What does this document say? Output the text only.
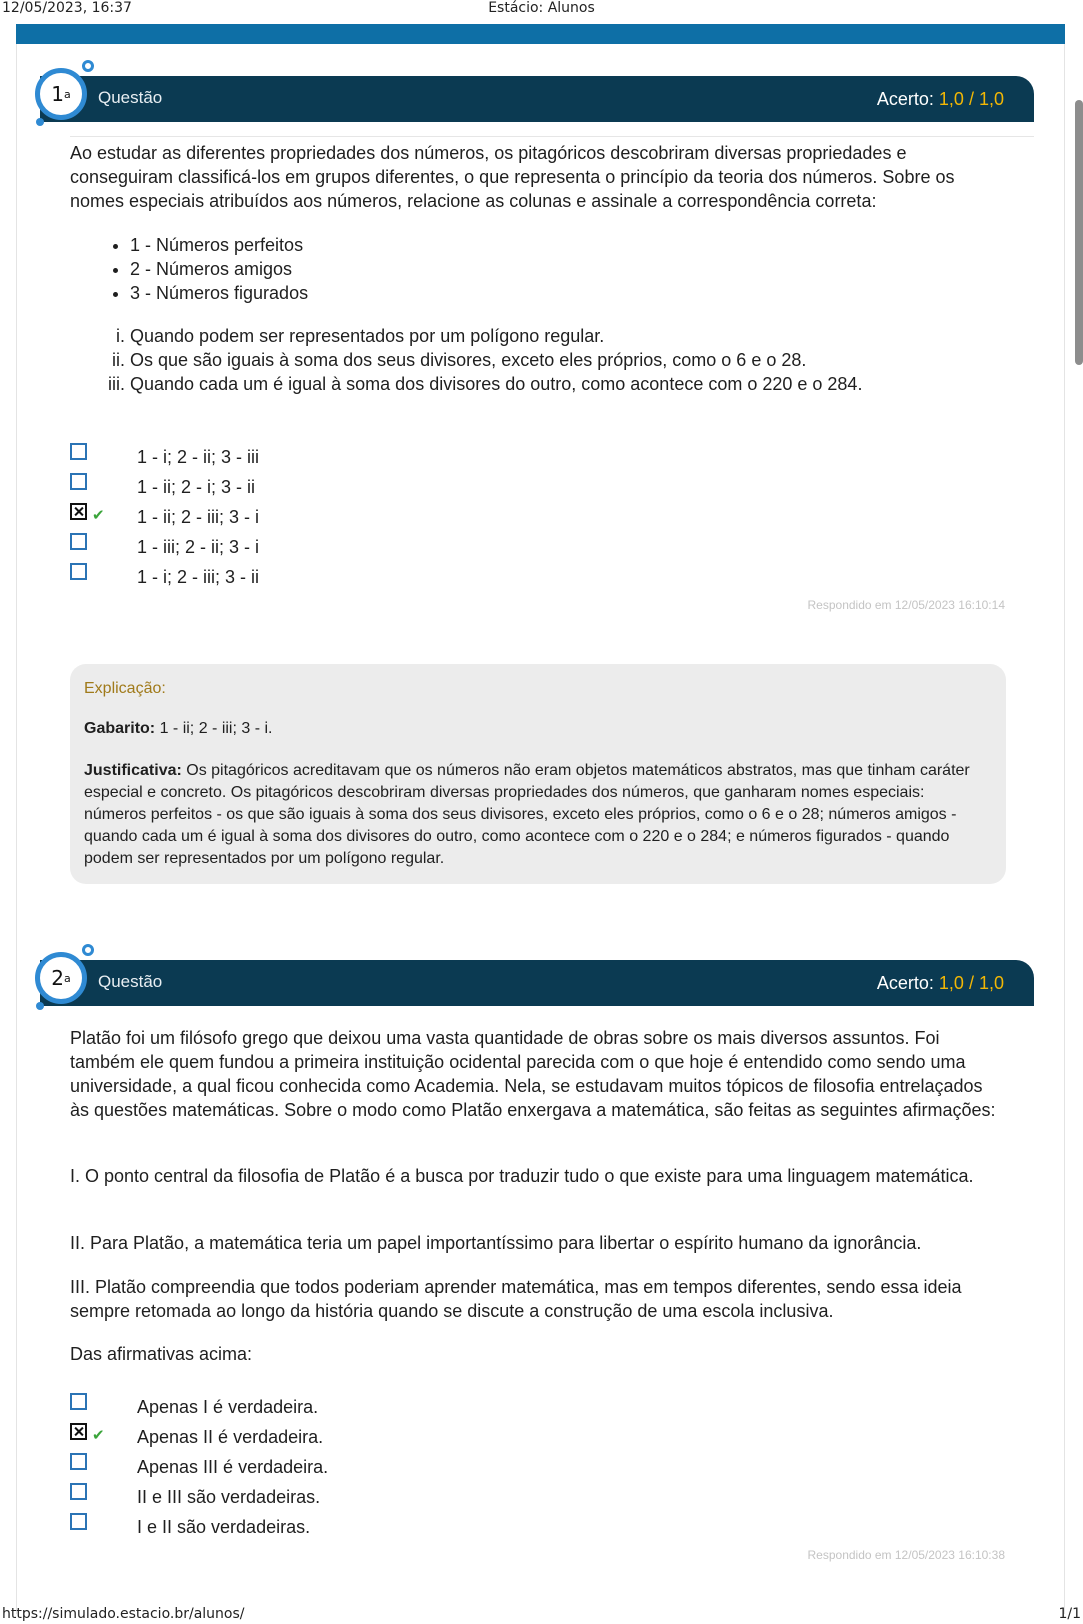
12/05/2023, 16:37	Estácio: Alunos
1 a Questão	Acerto: 1,0 / 1,0

Ao estudar as diferentes propriedades dos números, os pitagóricos descobriram diversas propriedades e conseguiram classificá-los em grupos diferentes, o que representa o princípio da teoria dos números. Sobre os nomes especiais atribuídos aos números, relacione as colunas e assinale a correspondência correta:

• 1 - Números perfeitos
• 2 - Números amigos
• 3 - Números figurados
i. Quando podem ser representados por um polígono regular.
ii. Os que são iguais à soma dos seus divisores, exceto eles próprios, como o 6 e o 28.
iii. Quando cada um é igual à soma dos divisores do outro, como acontece com o 220 e o 284.
1 - i; 2 - ii; 3 - iii
1 - ii; 2 - i; 3 - ii
✔ 1 - ii; 2 - iii; 3 - i
1 - iii; 2 - ii; 3 - i
1 - i; 2 - iii; 3 - ii
Respondido em 12/05/2023 16:10:14
Explicação:
Gabarito: 1 - ii; 2 - iii; 3 - i.
Justificativa: Os pitagóricos acreditavam que os números não eram objetos matemáticos abstratos, mas que tinham caráter especial e concreto. Os pitagóricos descobriram diversas propriedades dos números, que ganharam nomes especiais: números perfeitos - os que são iguais à soma dos seus divisores, exceto eles próprios, como o 6 e o 28; números amigos - quando cada um é igual à soma dos divisores do outro, como acontece com o 220 e o 284; e números figurados - quando podem ser representados por um polígono regular.
2 a Questão	Acerto: 1,0 / 1,0

Platão foi um filósofo grego que deixou uma vasta quantidade de obras sobre os mais diversos assuntos. Foi também ele quem fundou a primeira instituição ocidental parecida com o que hoje é entendido como sendo uma universidade, a qual ficou conhecida como Academia. Nela, se estudavam muitos tópicos de filosofia entrelaçados às questões matemáticas. Sobre o modo como Platão enxergava a matemática, são feitas as seguintes afirmações:

I. O ponto central da filosofia de Platão é a busca por traduzir tudo o que existe para uma linguagem matemática.

II. Para Platão, a matemática teria um papel importantíssimo para libertar o espírito humano da ignorância.

III. Platão compreendia que todos poderiam aprender matemática, mas em tempos diferentes, sendo essa ideia sempre retomada ao longo da história quando se discute a construção de uma escola inclusiva.

Das afirmativas acima:

Apenas I é verdadeira.
✔ Apenas II é verdadeira.
Apenas III é verdadeira.
II e III são verdadeiras.
I e II são verdadeiras.
Respondido em 12/05/2023 16:10:38
https://simulado.estacio.br/alunos/	1/1
